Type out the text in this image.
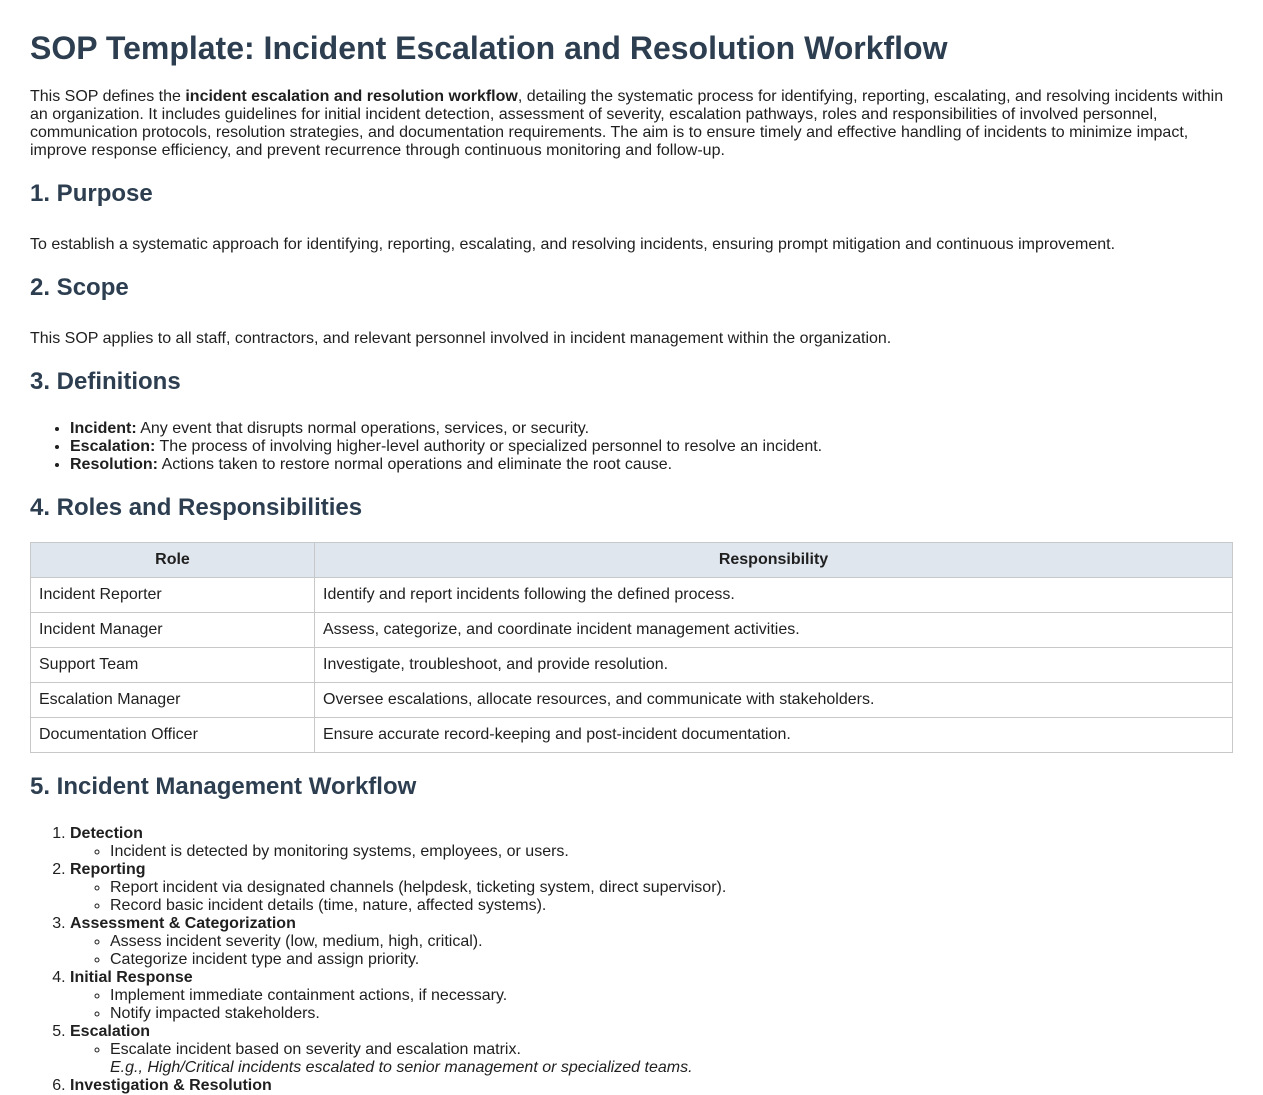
SOP Template: Incident Escalation and Resolution Workflow

This SOP defines the incident escalation and resolution workflow, detailing the systematic process for identifying, reporting, escalating, and resolving incidents within an organization. It includes guidelines for initial incident detection, assessment of severity, escalation pathways, roles and responsibilities of involved personnel, communication protocols, resolution strategies, and documentation requirements. The aim is to ensure timely and effective handling of incidents to minimize impact, improve response efficiency, and prevent recurrence through continuous monitoring and follow-up.

1. Purpose

To establish a systematic approach for identifying, reporting, escalating, and resolving incidents, ensuring prompt mitigation and continuous improvement.

2. Scope

This SOP applies to all staff, contractors, and relevant personnel involved in incident management within the organization.

3. Definitions
• Incident: Any event that disrupts normal operations, services, or security.
• Escalation: The process of involving higher-level authority or specialized personnel to resolve an incident.
• Resolution: Actions taken to restore normal operations and eliminate the root cause.
4. Roles and Responsibilities
Role	Responsibility
Incident Reporter	Identify and report incidents following the defined process.
Incident Manager	Assess, categorize, and coordinate incident management activities.
Support Team	Investigate, troubleshoot, and provide resolution.
Escalation Manager	Oversee escalations, allocate resources, and communicate with stakeholders.
Documentation Officer	Ensure accurate record-keeping and post-incident documentation.
5. Incident Management Workflow
1. Detection
◦ Incident is detected by monitoring systems, employees, or users.
2. Reporting
◦ Report incident via designated channels (helpdesk, ticketing system, direct supervisor).
◦ Record basic incident details (time, nature, affected systems).
3. Assessment & Categorization
◦ Assess incident severity (low, medium, high, critical).
◦ Categorize incident type and assign priority.
4. Initial Response
◦ Implement immediate containment actions, if necessary.
◦ Notify impacted stakeholders.
5. Escalation
◦ Escalate incident based on severity and escalation matrix.
E.g., High/Critical incidents escalated to senior management or specialized teams.
6. Investigation & Resolution
